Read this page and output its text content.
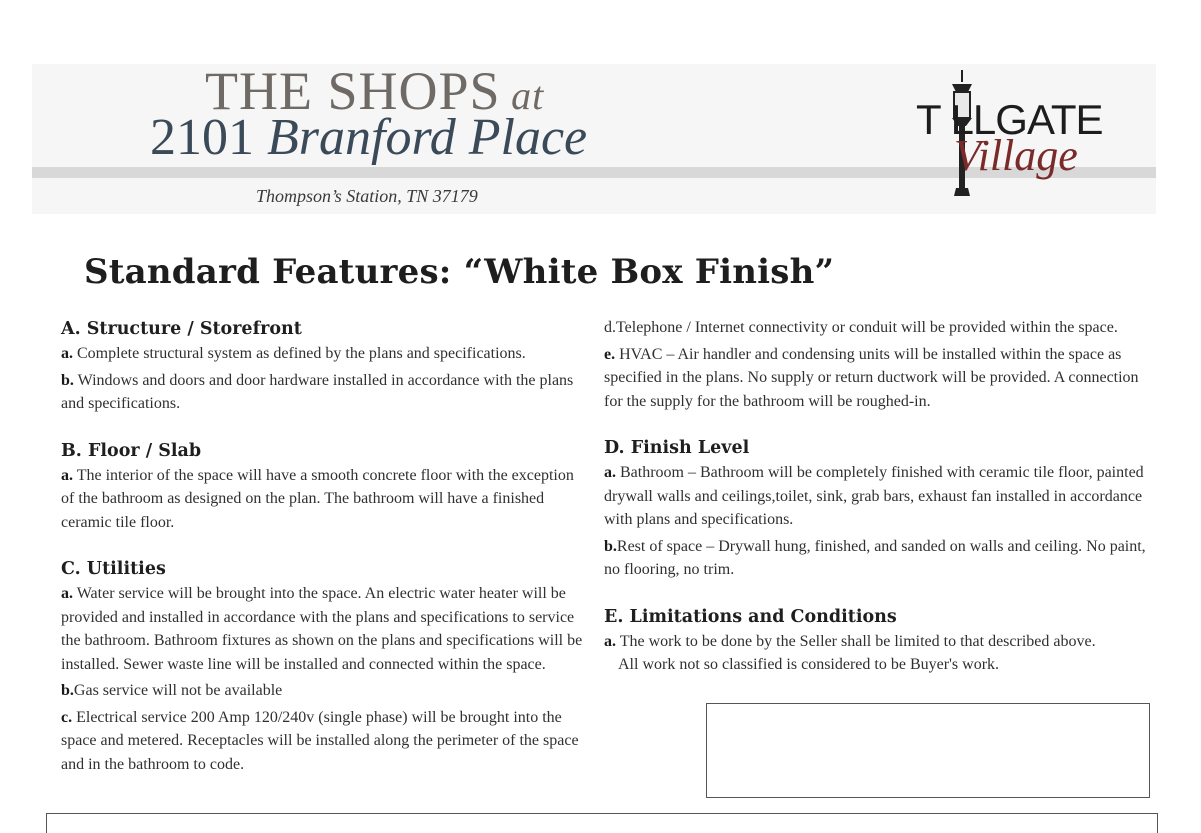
THE SHOPS at
2101 Branford Place
Thompson’s Station, TN 37179
T LLGATE
Village
Standard Features: “White Box Finish”
A. Structure / Storefront

a. Complete structural system as defined by the plans and specifications.

b. Windows and doors and door hardware installed in accordance with the plans and specifications.

B. Floor / Slab

a. The interior of the space will have a smooth concrete floor with the exception of the bathroom as designed on the plan. The bathroom will have a finished ceramic tile floor.

C. Utilities

a. Water service will be brought into the space. An electric water heater will be provided and installed in accordance with the plans and specifications to service the bathroom. Bathroom fixtures as shown on the plans and specifications will be installed. Sewer waste line will be installed and connected within the space.

b.Gas service will not be available

c. Electrical service 200 Amp 120/240v (single phase) will be brought into the space and metered. Receptacles will be installed along the perimeter of the space and in the bathroom to code.

d.Telephone / Internet connectivity or conduit will be provided within the space.

e. HVAC – Air handler and condensing units will be installed within the space as specified in the plans. No supply or return ductwork will be provided. A connection for the supply for the bathroom will be roughed-in.

D. Finish Level

a. Bathroom – Bathroom will be completely finished with ceramic tile floor, painted drywall walls and ceilings,toilet, sink, grab bars, exhaust fan installed in accordance with plans and specifications.

b.Rest of space – Drywall hung, finished, and sanded on walls and ceiling. No paint, no flooring, no trim.

E. Limitations and Conditions

a. The work to be done by the Seller shall be limited to that described above.

All work not so classified is considered to be Buyer's work.
